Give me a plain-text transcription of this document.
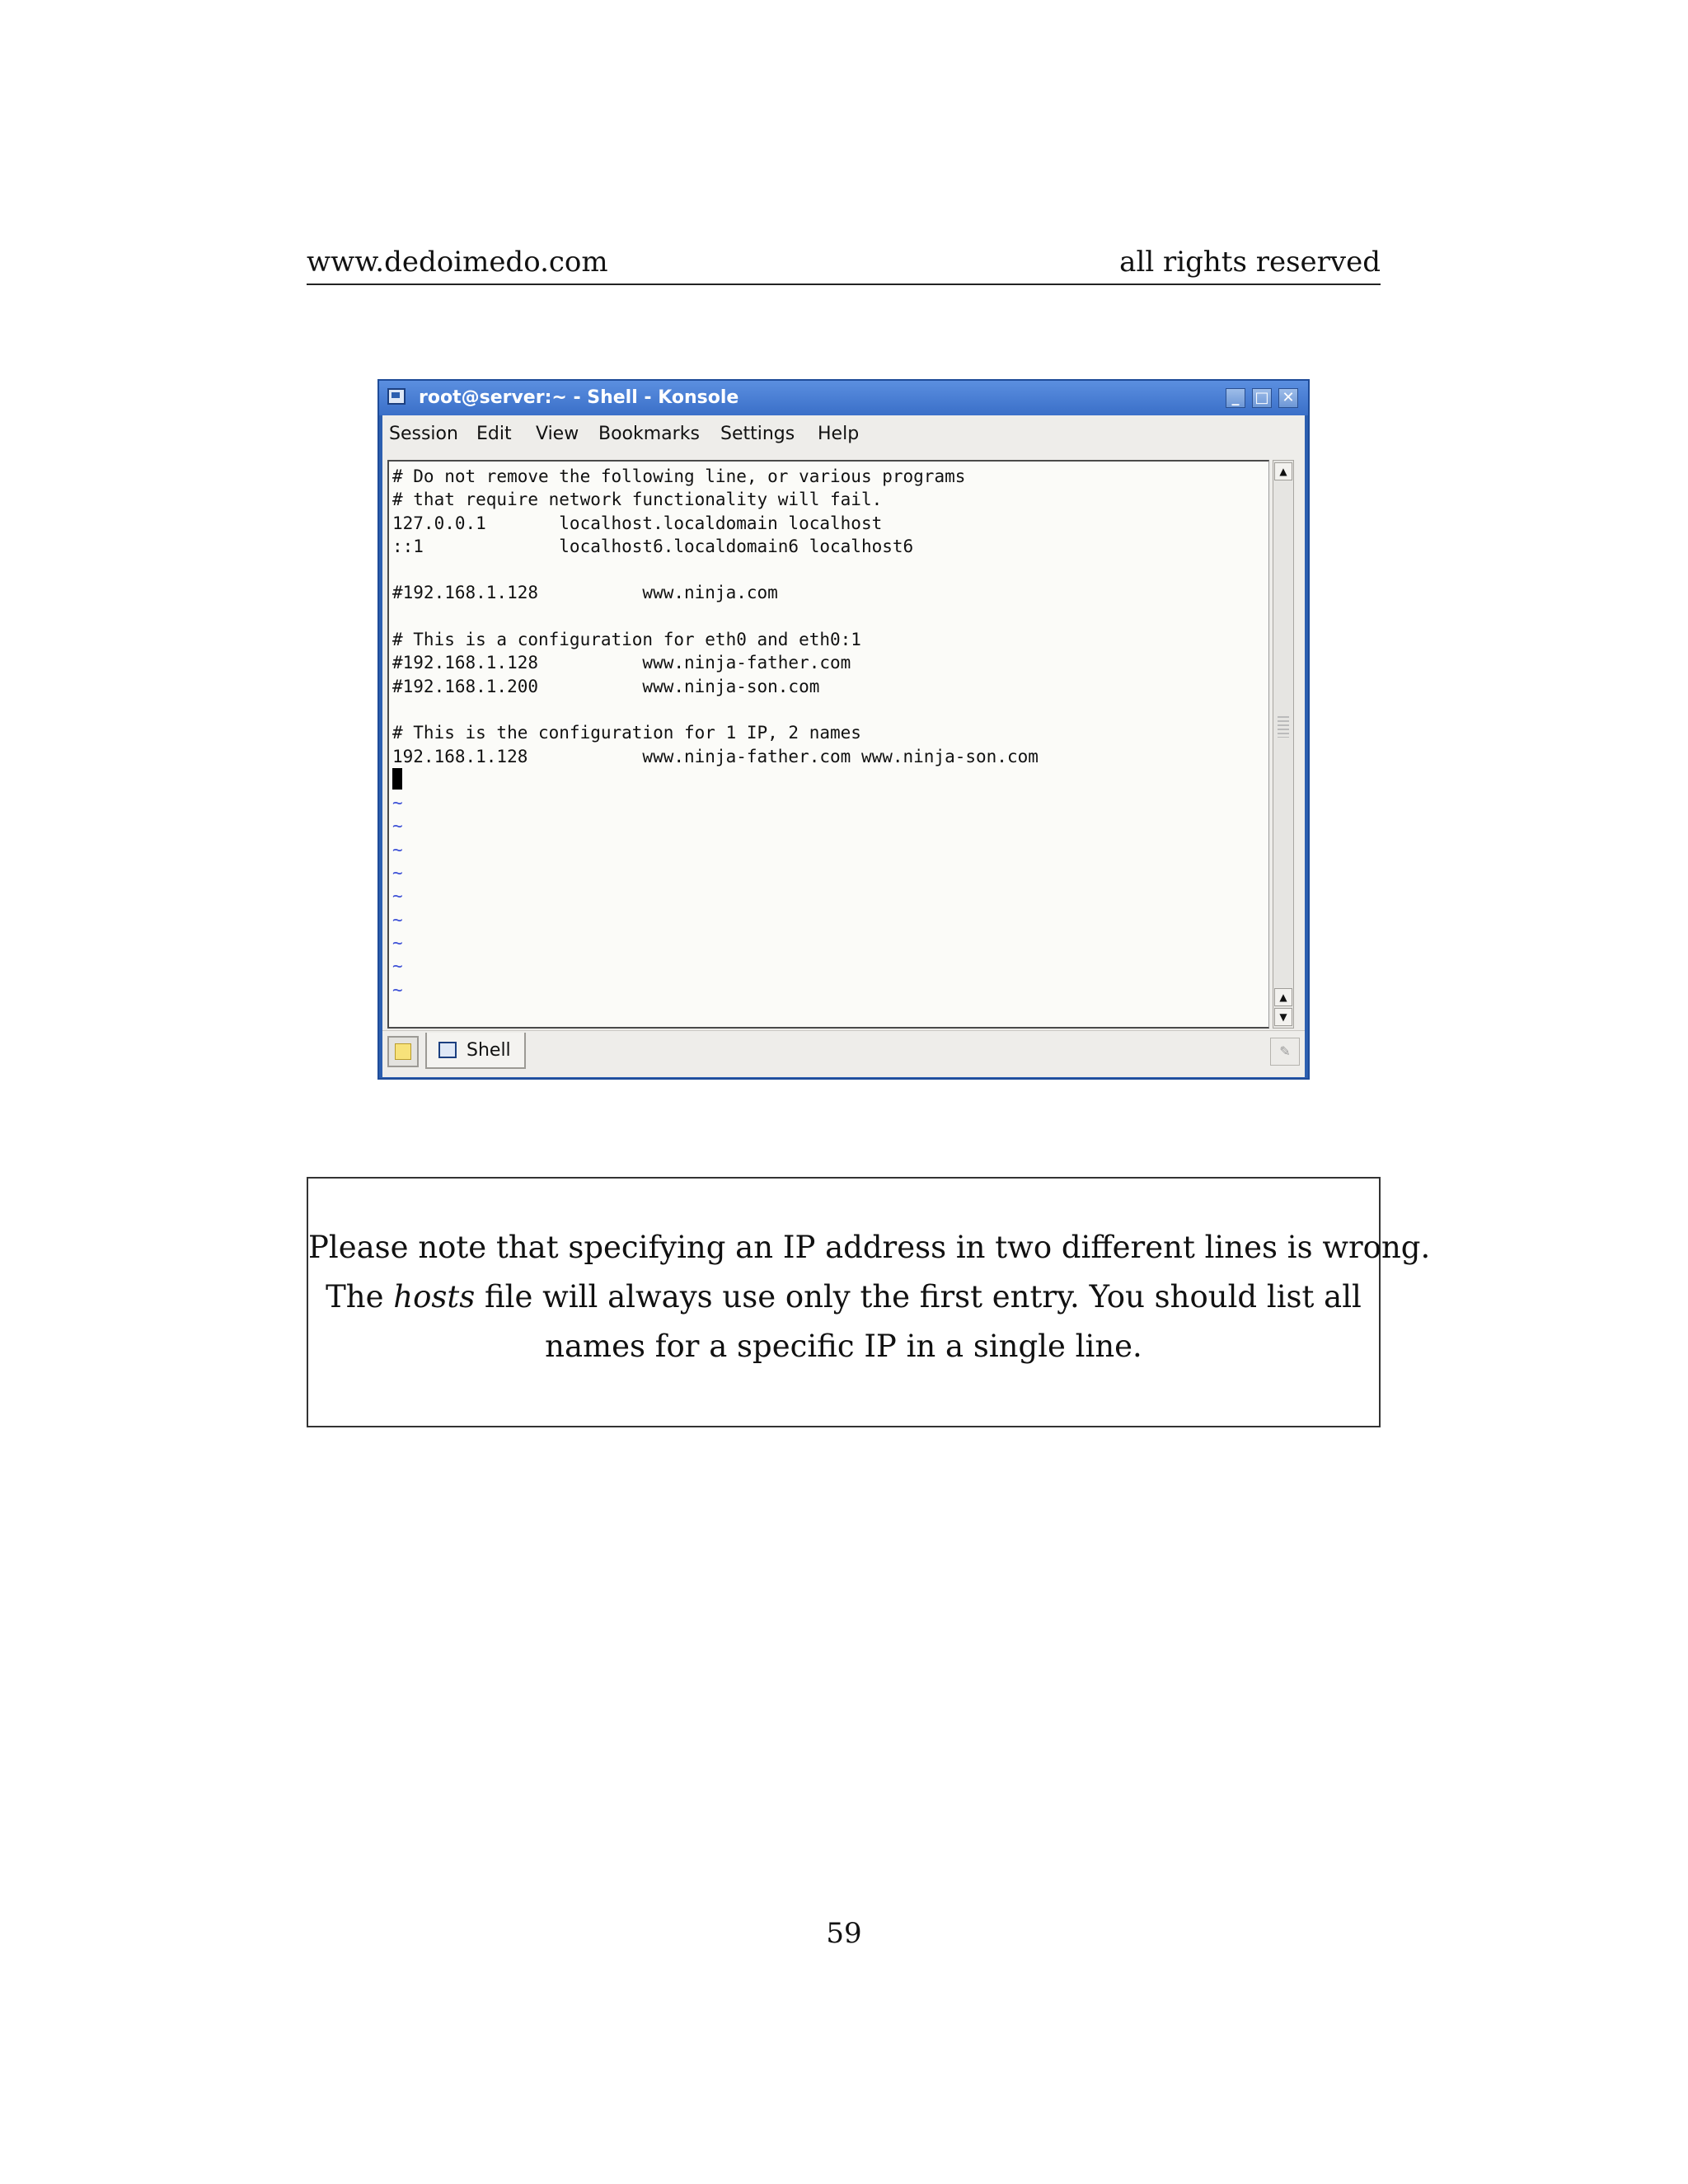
www.dedoimedo.com	all rights reserved
root@server:~ - Shell - Konsole	_	□ ✕
Session Edit View Bookmarks Settings Help
# Do not remove the following line, or various programs
# that require network functionality will fail.
127.0.0.1       localhost.localdomain localhost
::1             localhost6.localdomain6 localhost6
#192.168.1.128          www.ninja.com
# This is a configuration for eth0 and eth0:1
#192.168.1.128          www.ninja-father.com
#192.168.1.200          www.ninja-son.com
# This is the configuration for 1 IP, 2 names
192.168.1.128           www.ninja-father.com www.ninja-son.com
~
~
~
~
~
~
~
~
~
▲
▲
▼
Shell	✎
Please note that specifying an IP address in two different lines is wrong.
The hosts file will always use only the first entry. You should list all
names for a specific IP in a single line.
59
